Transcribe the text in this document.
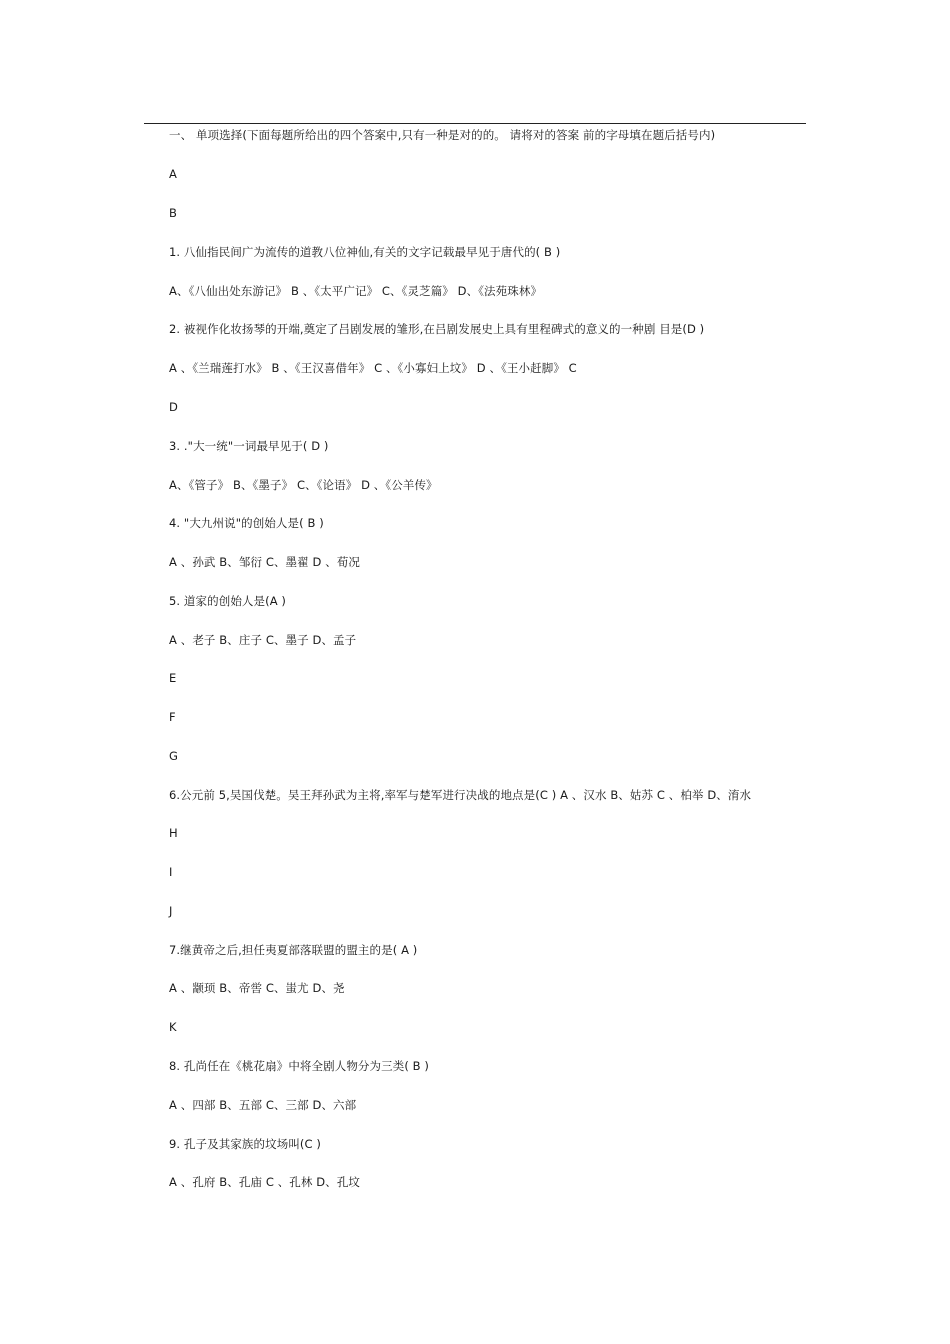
一、 单项选择(下面每题所给出的四个答案中,只有一种是对的的。 请将对的答案 前的字母填在题后括号内)
A
B
1. 八仙指民间广为流传的道教八位神仙,有关的文字记载最早见于唐代的( B )
A、《八仙出处东游记》 B 、《太平广记》 C、《灵芝篇》 D、《法苑珠林》
2. 被视作化妆扬琴的开端,奠定了吕剧发展的雏形,在吕剧发展史上具有里程碑式的意义的一种剧 目是(D )
A 、《兰瑞莲打水》 B 、《王汉喜借年》 C 、《小寡妇上坟》 D 、《王小赶脚》 C
D
3. ."大一统"一词最早见于( D )
A、《管子》 B、《墨子》 C、《论语》 D 、《公羊传》
4. "大九州说"的创始人是( B )
A 、孙武 B、邹衍 C、墨翟 D 、荀况
5. 道家的创始人是(A )
A 、老子 B、庄子 C、墨子 D、孟子
E
F
G
6.公元前 5,吴国伐楚。吴王拜孙武为主将,率军与楚军进行决战的地点是(C ) A 、汉水 B、姑苏 C 、柏举 D、淯水
H
I
J
7.继黄帝之后,担任夷夏部落联盟的盟主的是( A )
A 、颛顼 B、帝喾 C、蚩尤 D、尧
K
8. 孔尚任在《桃花扇》中将全剧人物分为三类( B )
A 、四部 B、五部 C、三部 D、六部
9. 孔子及其家族的坟场叫(C )
A 、孔府 B、孔庙 C 、孔林 D、孔坟
